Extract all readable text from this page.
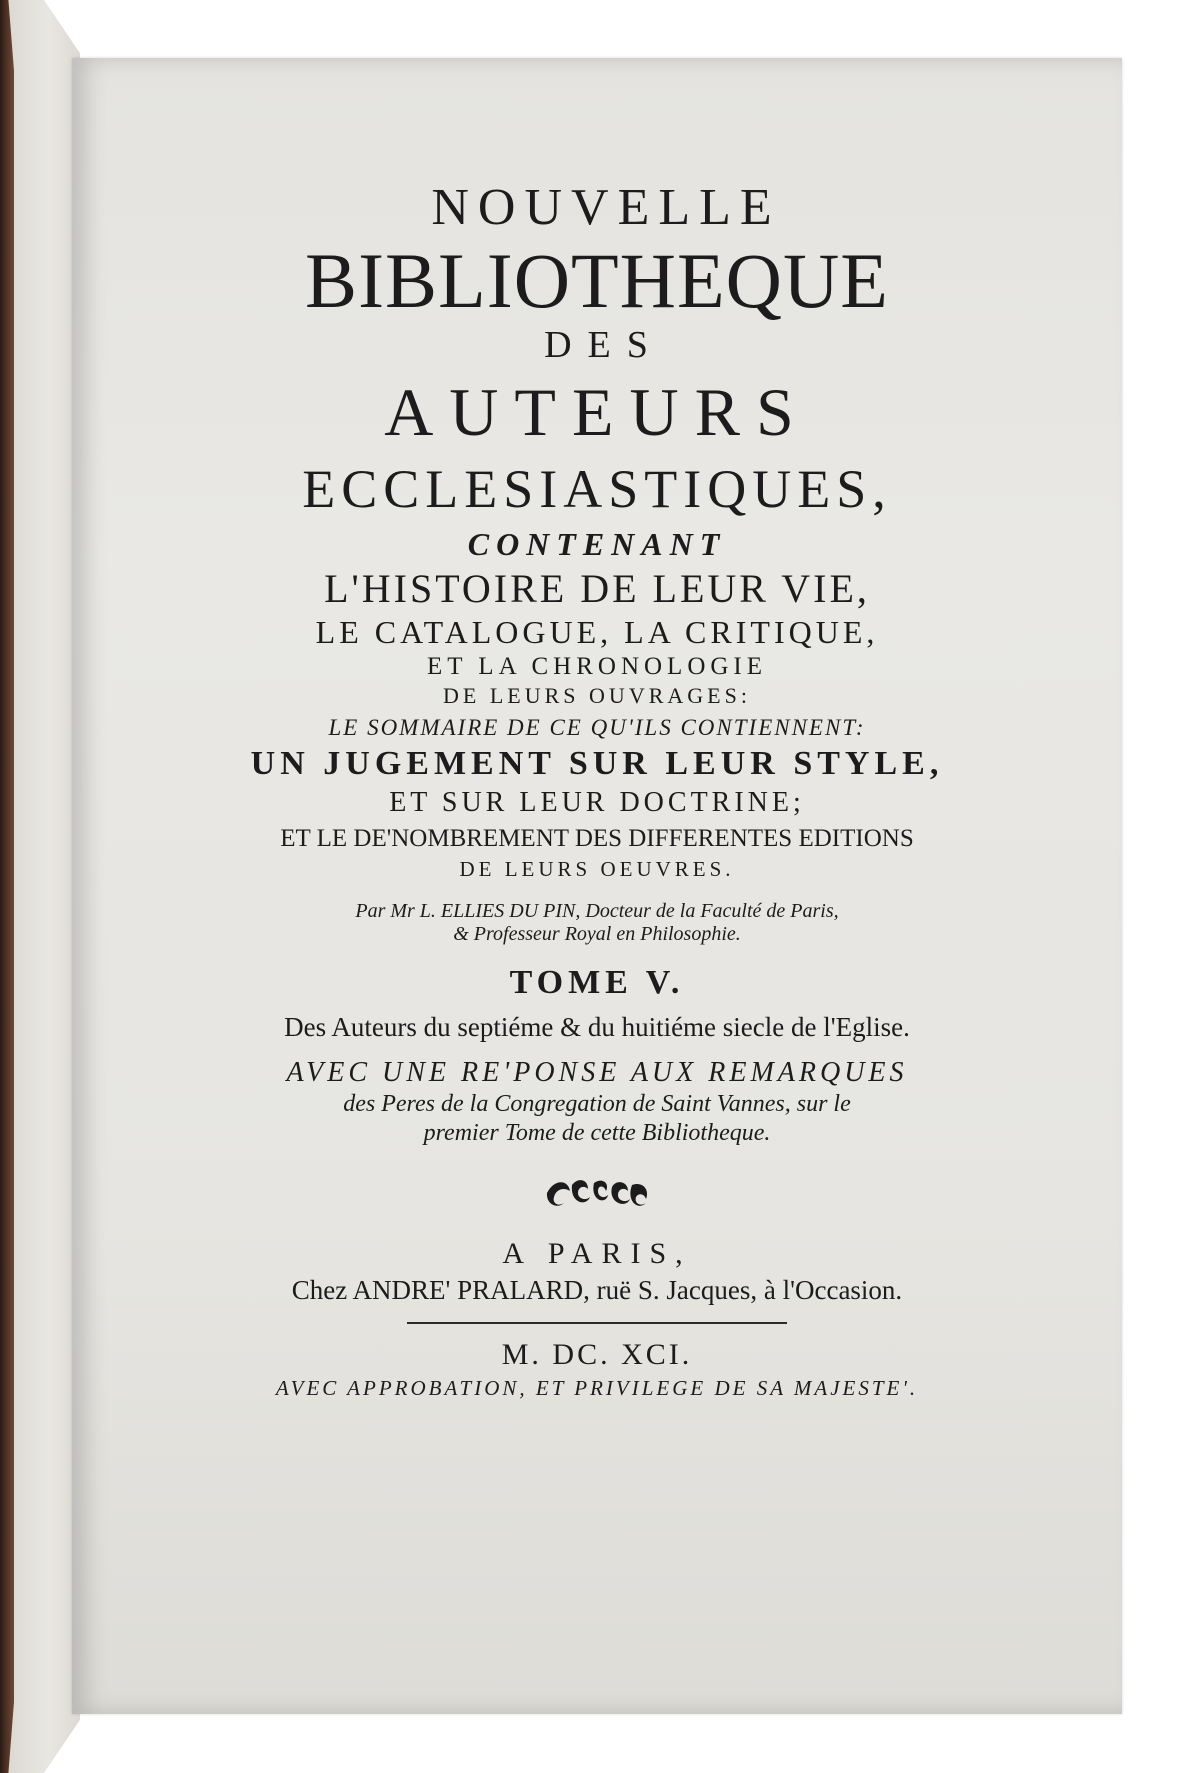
NOUVELLE
BIBLIOTHEQUE
DES
AUTEURS
ECCLESIASTIQUES,
CONTENANT
L'HISTOIRE DE LEUR VIE,
LE CATALOGUE, LA CRITIQUE,
ET LA CHRONOLOGIE
DE LEURS OUVRAGES:
LE SOMMAIRE DE CE QU'ILS CONTIENNENT:
UN JUGEMENT SUR LEUR STYLE,
ET SUR LEUR DOCTRINE;
ET LE DE'NOMBREMENT DES DIFFERENTES EDITIONS
DE LEURS OEUVRES.
Par Mr L. ELLIES DU PIN, Docteur de la Faculté de Paris,
& Professeur Royal en Philosophie.
TOME V.
Des Auteurs du septiéme & du huitiéme siecle de l'Eglise.
AVEC UNE RE'PONSE AUX REMARQUES
des Peres de la Congregation de Saint Vannes, sur le
premier Tome de cette Bibliotheque.
A PARIS,
Chez ANDRE' PRALARD, ruë S. Jacques, à l'Occasion.
M. DC. XCI.
AVEC APPROBATION, ET PRIVILEGE DE SA MAJESTE'.
